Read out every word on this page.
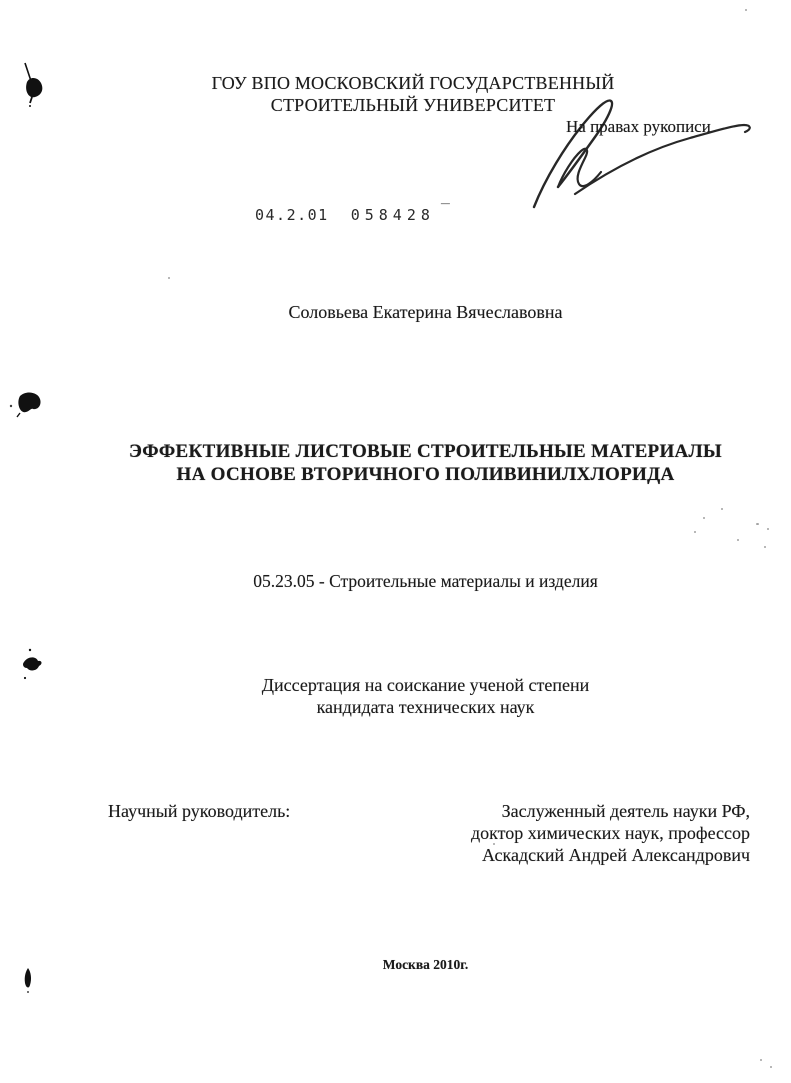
ГОУ ВПО МОСКОВСКИЙ ГОСУДАРСТВЕННЫЙ
СТРОИТЕЛЬНЫЙ УНИВЕРСИТЕТ
На правах рукописи
04.2.01 058428 ‾
Соловьева Екатерина Вячеславовна
ЭФФЕКТИВНЫЕ ЛИСТОВЫЕ СТРОИТЕЛЬНЫЕ МАТЕРИАЛЫ
НА ОСНОВЕ ВТОРИЧНОГО ПОЛИВИНИЛХЛОРИДА
05.23.05 - Строительные материалы и изделия
Диссертация на соискание ученой степени
кандидата технических наук
Научный руководитель:	Заслуженный деятель науки РФ,
доктор химических наук, профессор
Аскадский Андрей Александрович
Москва 2010г.
